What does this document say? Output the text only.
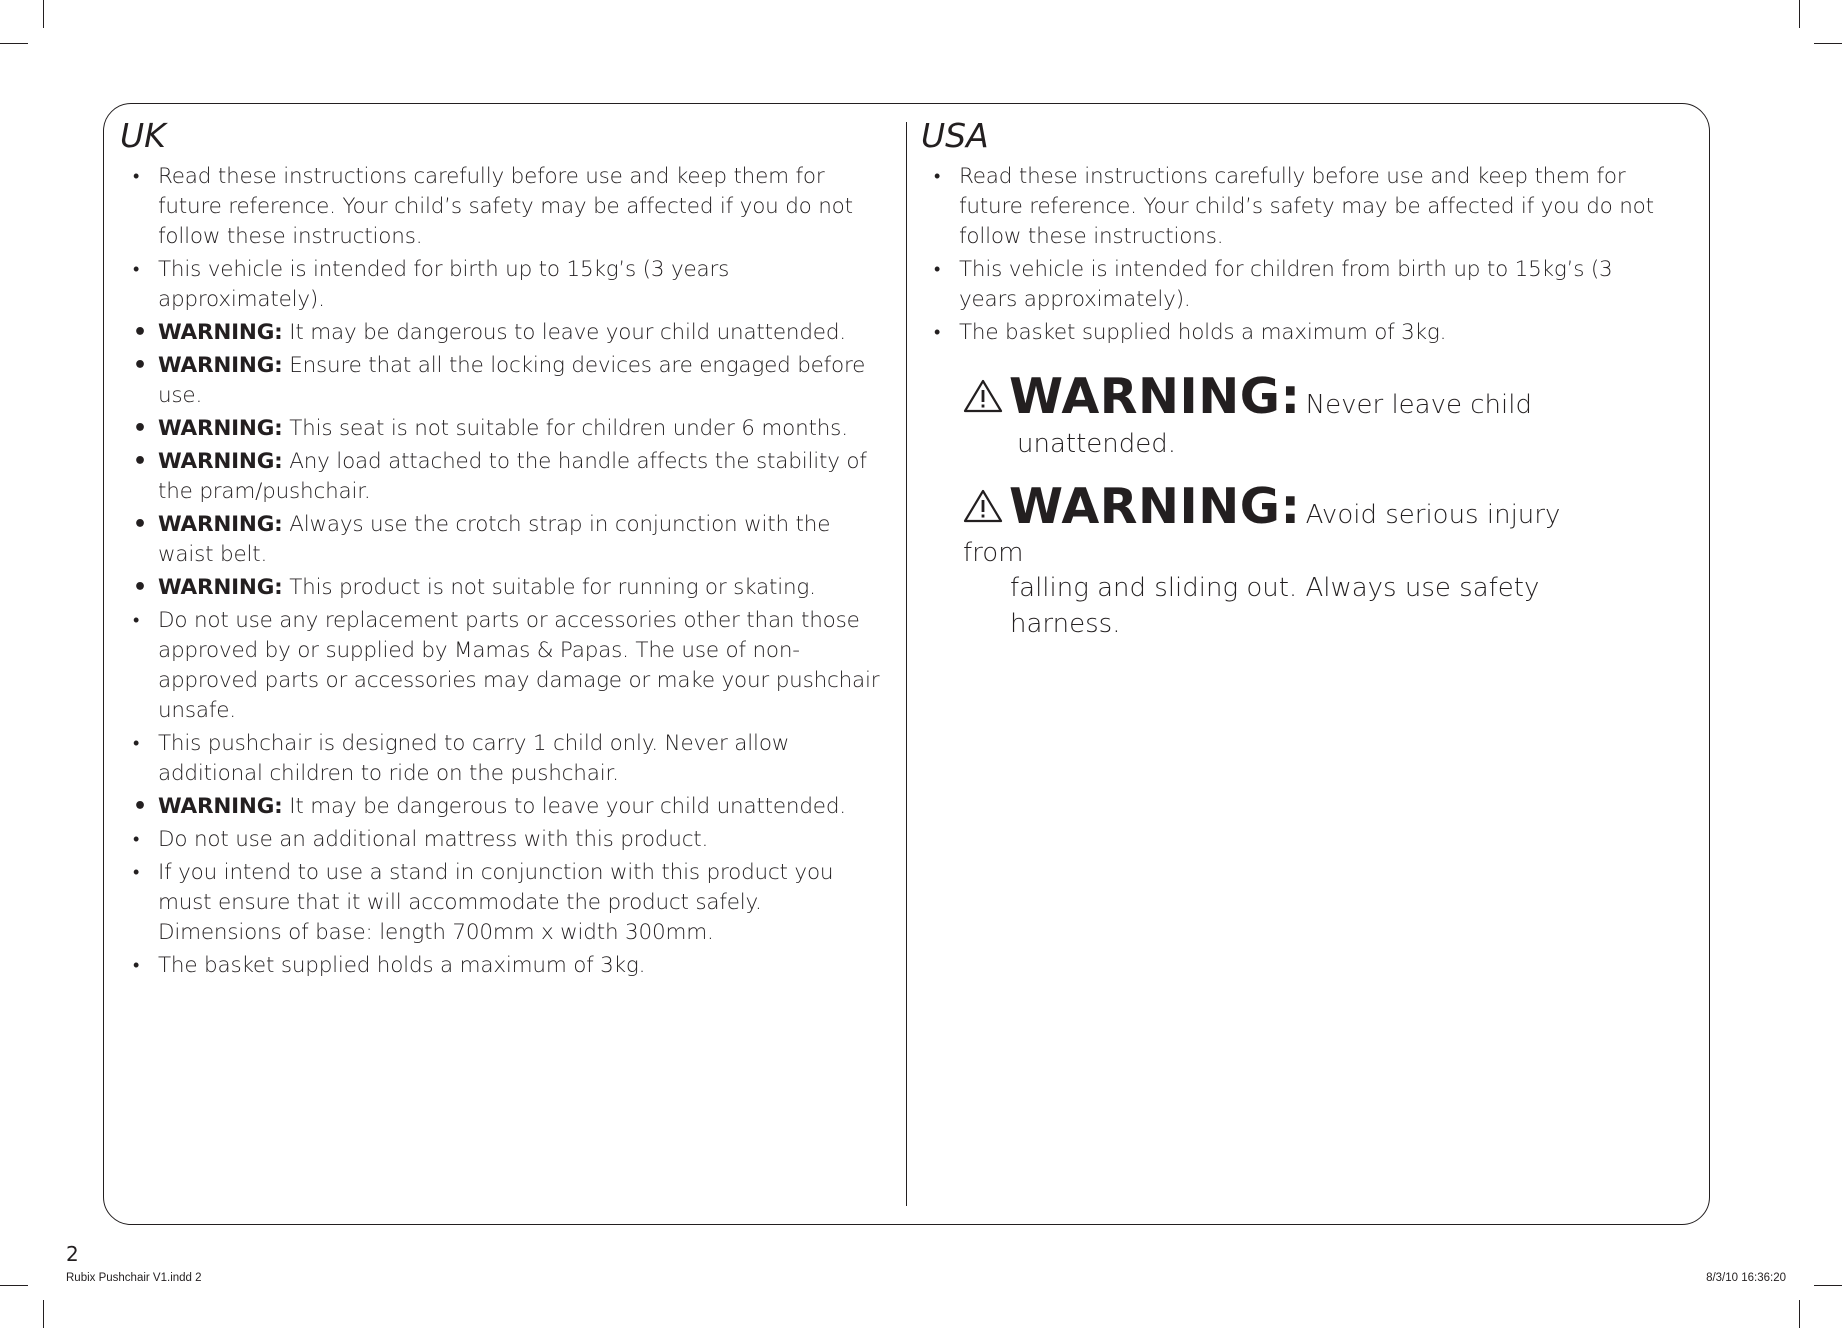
UK
• Read these instructions carefully before use and keep them for future reference. Your child’s safety may be affected if you do not follow these instructions.
• This vehicle is intended for birth up to 15kg’s (3 years approximately).
• WARNING: It may be dangerous to leave your child unattended.
• WARNING: Ensure that all the locking devices are engaged before use.
• WARNING: This seat is not suitable for children under 6 months.
• WARNING: Any load attached to the handle affects the stability of the pram/pushchair.
• WARNING: Always use the crotch strap in conjunction with the waist belt.
• WARNING: This product is not suitable for running or skating.
• Do not use any replacement parts or accessories other than those approved by or supplied by Mamas & Papas. The use of non-approved parts or accessories may damage or make your pushchair unsafe.
• This pushchair is designed to carry 1 child only. Never allow additional children to ride on the pushchair.
• WARNING: It may be dangerous to leave your child unattended.
• Do not use an additional mattress with this product.
• If you intend to use a stand in conjunction with this product you must ensure that it will accommodate the product safely. Dimensions of base: length 700mm x width 300mm.
• The basket supplied holds a maximum of 3kg.
USA
• Read these instructions carefully before use and keep them for future reference. Your child’s safety may be affected if you do not follow these instructions.
• This vehicle is intended for children from birth up to 15kg’s (3 years approximately).
• The basket supplied holds a maximum of 3kg.
WARNING: Never leave child
unattended.
WARNING: Avoid serious injury from
falling and sliding out. Always use safety harness.
2
Rubix Pushchair V1.indd 2	8/3/10 16:36:20
